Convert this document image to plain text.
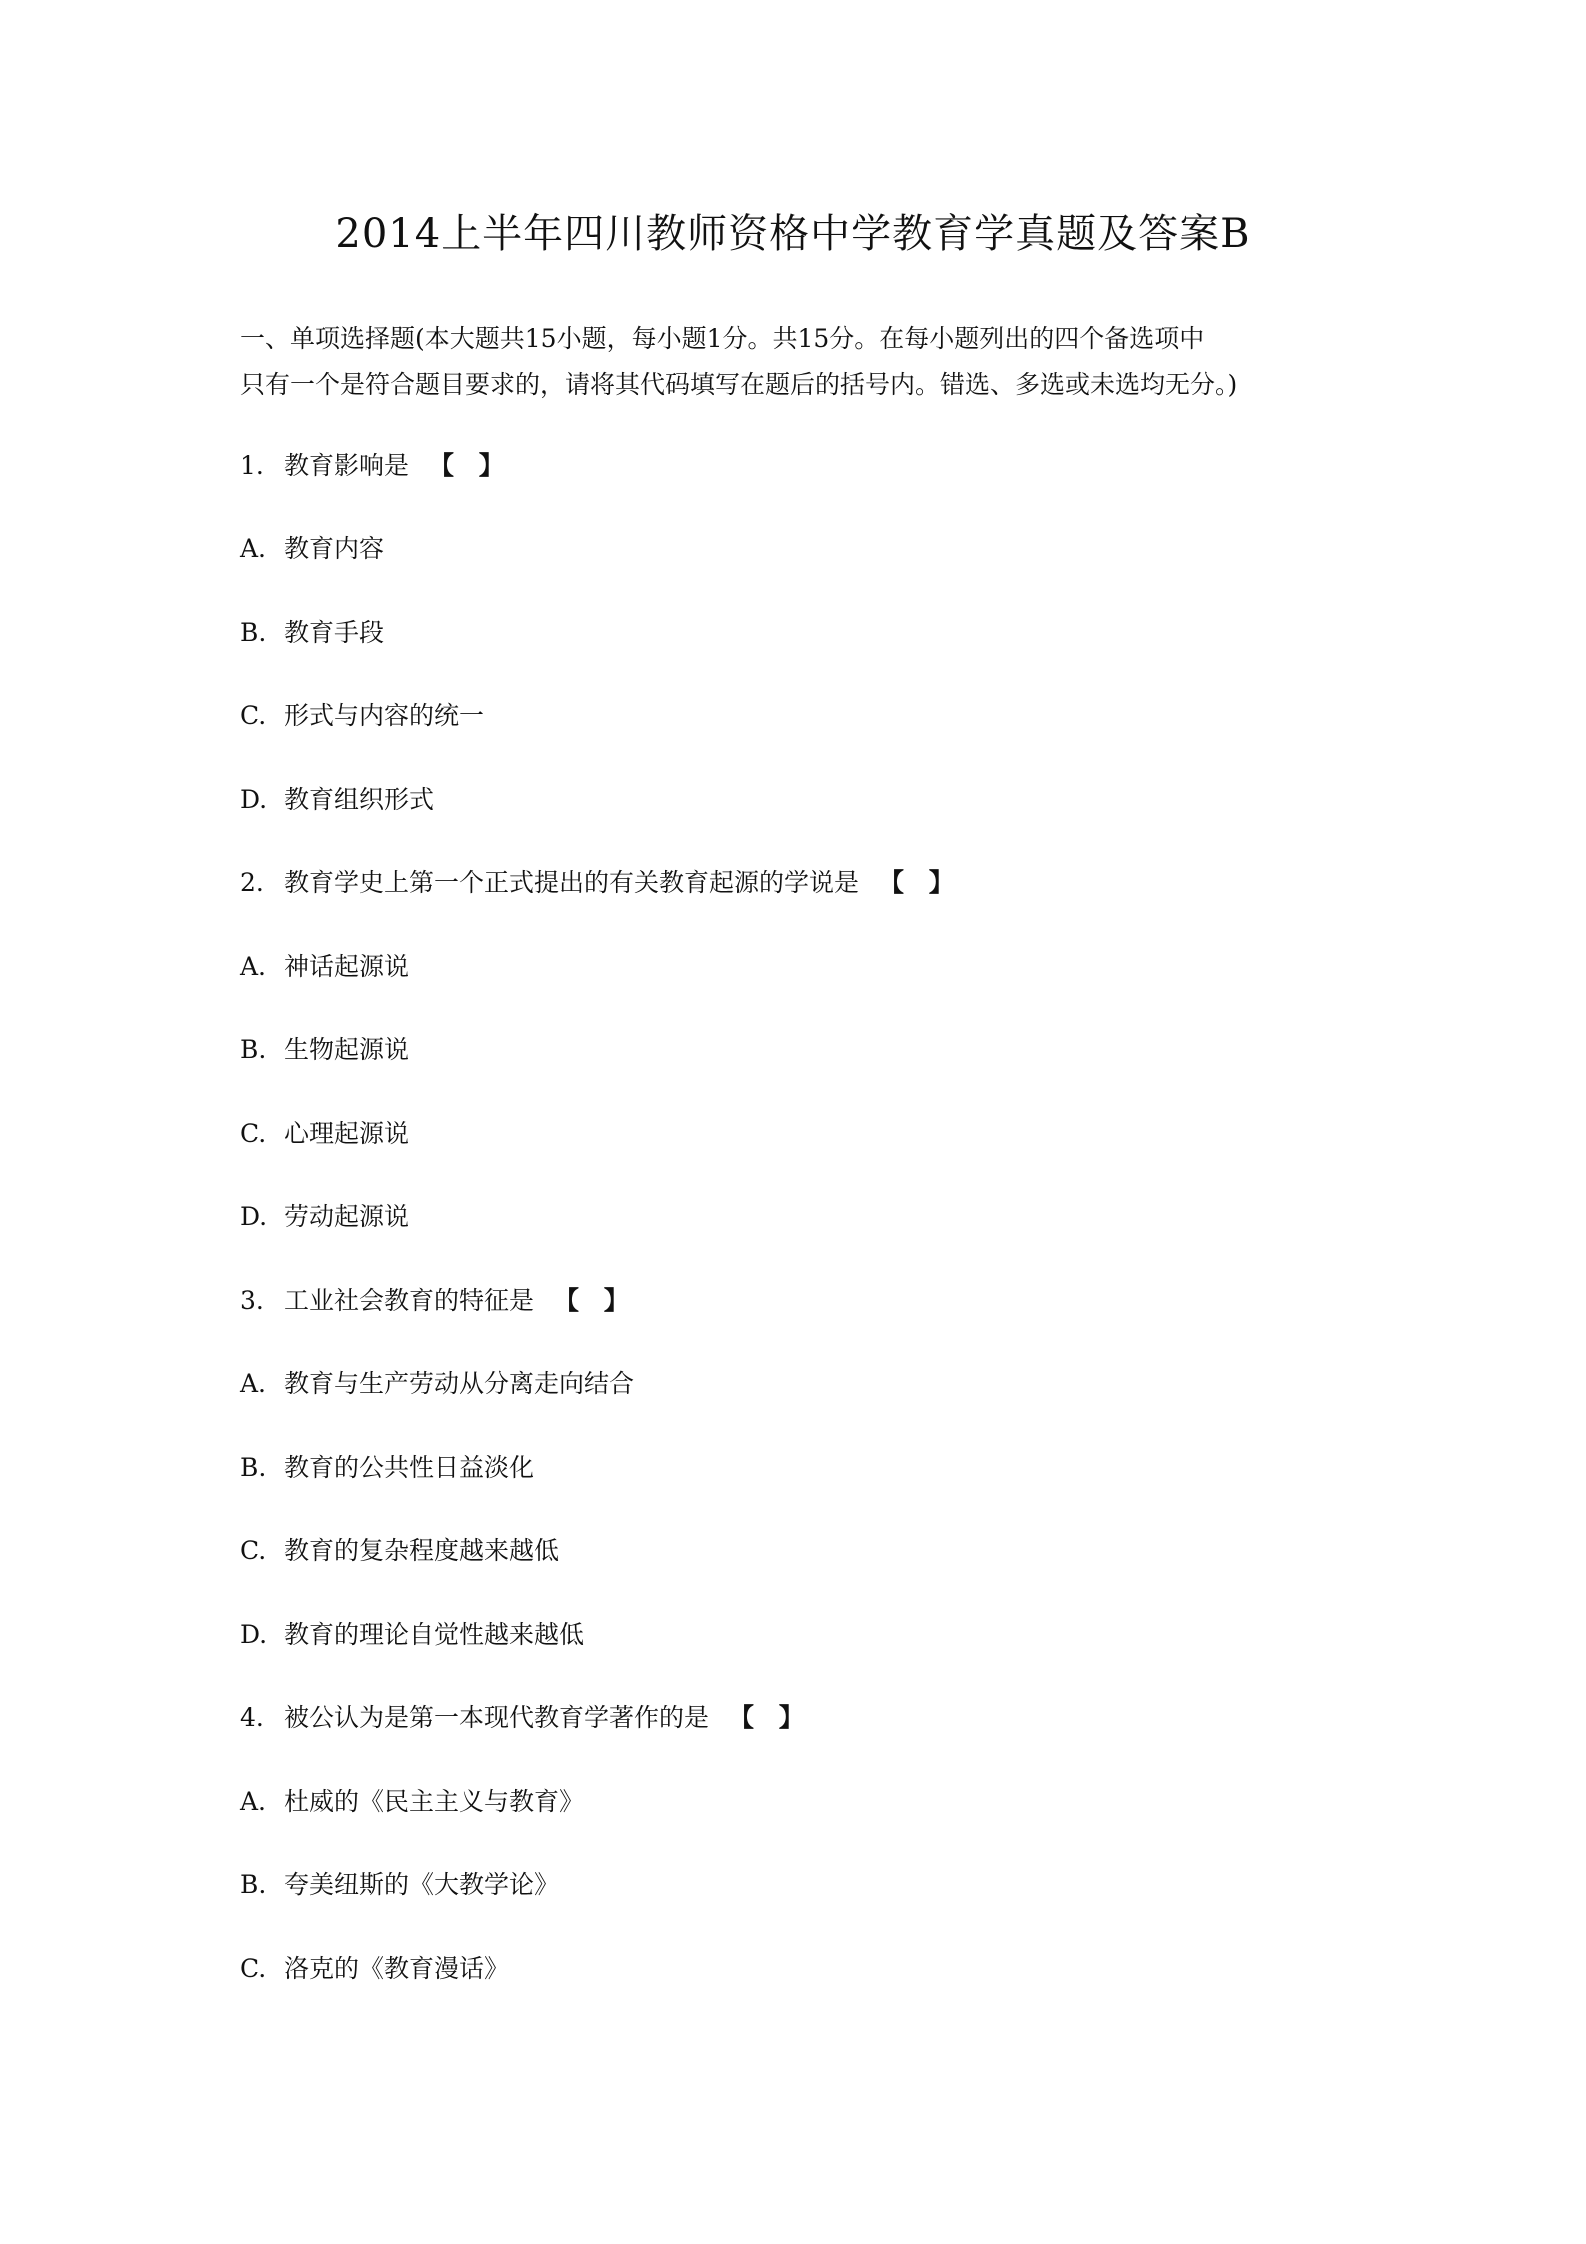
2014上半年四川教师资格中学教育学真题及答案B
一、单项选择题(本大题共15小题，每小题1分。共15分。在每小题列出的四个备选项中
只有一个是符合题目要求的，请将其代码填写在题后的括号内。错选、多选或未选均无分。)
1. 教育影响是 【 】
A. 教育内容
B. 教育手段
C. 形式与内容的统一
D. 教育组织形式
2. 教育学史上第一个正式提出的有关教育起源的学说是 【 】
A. 神话起源说
B. 生物起源说
C. 心理起源说
D. 劳动起源说
3. 工业社会教育的特征是 【 】
A. 教育与生产劳动从分离走向结合
B. 教育的公共性日益淡化
C. 教育的复杂程度越来越低
D. 教育的理论自觉性越来越低
4. 被公认为是第一本现代教育学著作的是 【 】
A. 杜威的《民主主义与教育》
B. 夸美纽斯的《大教学论》
C. 洛克的《教育漫话》
